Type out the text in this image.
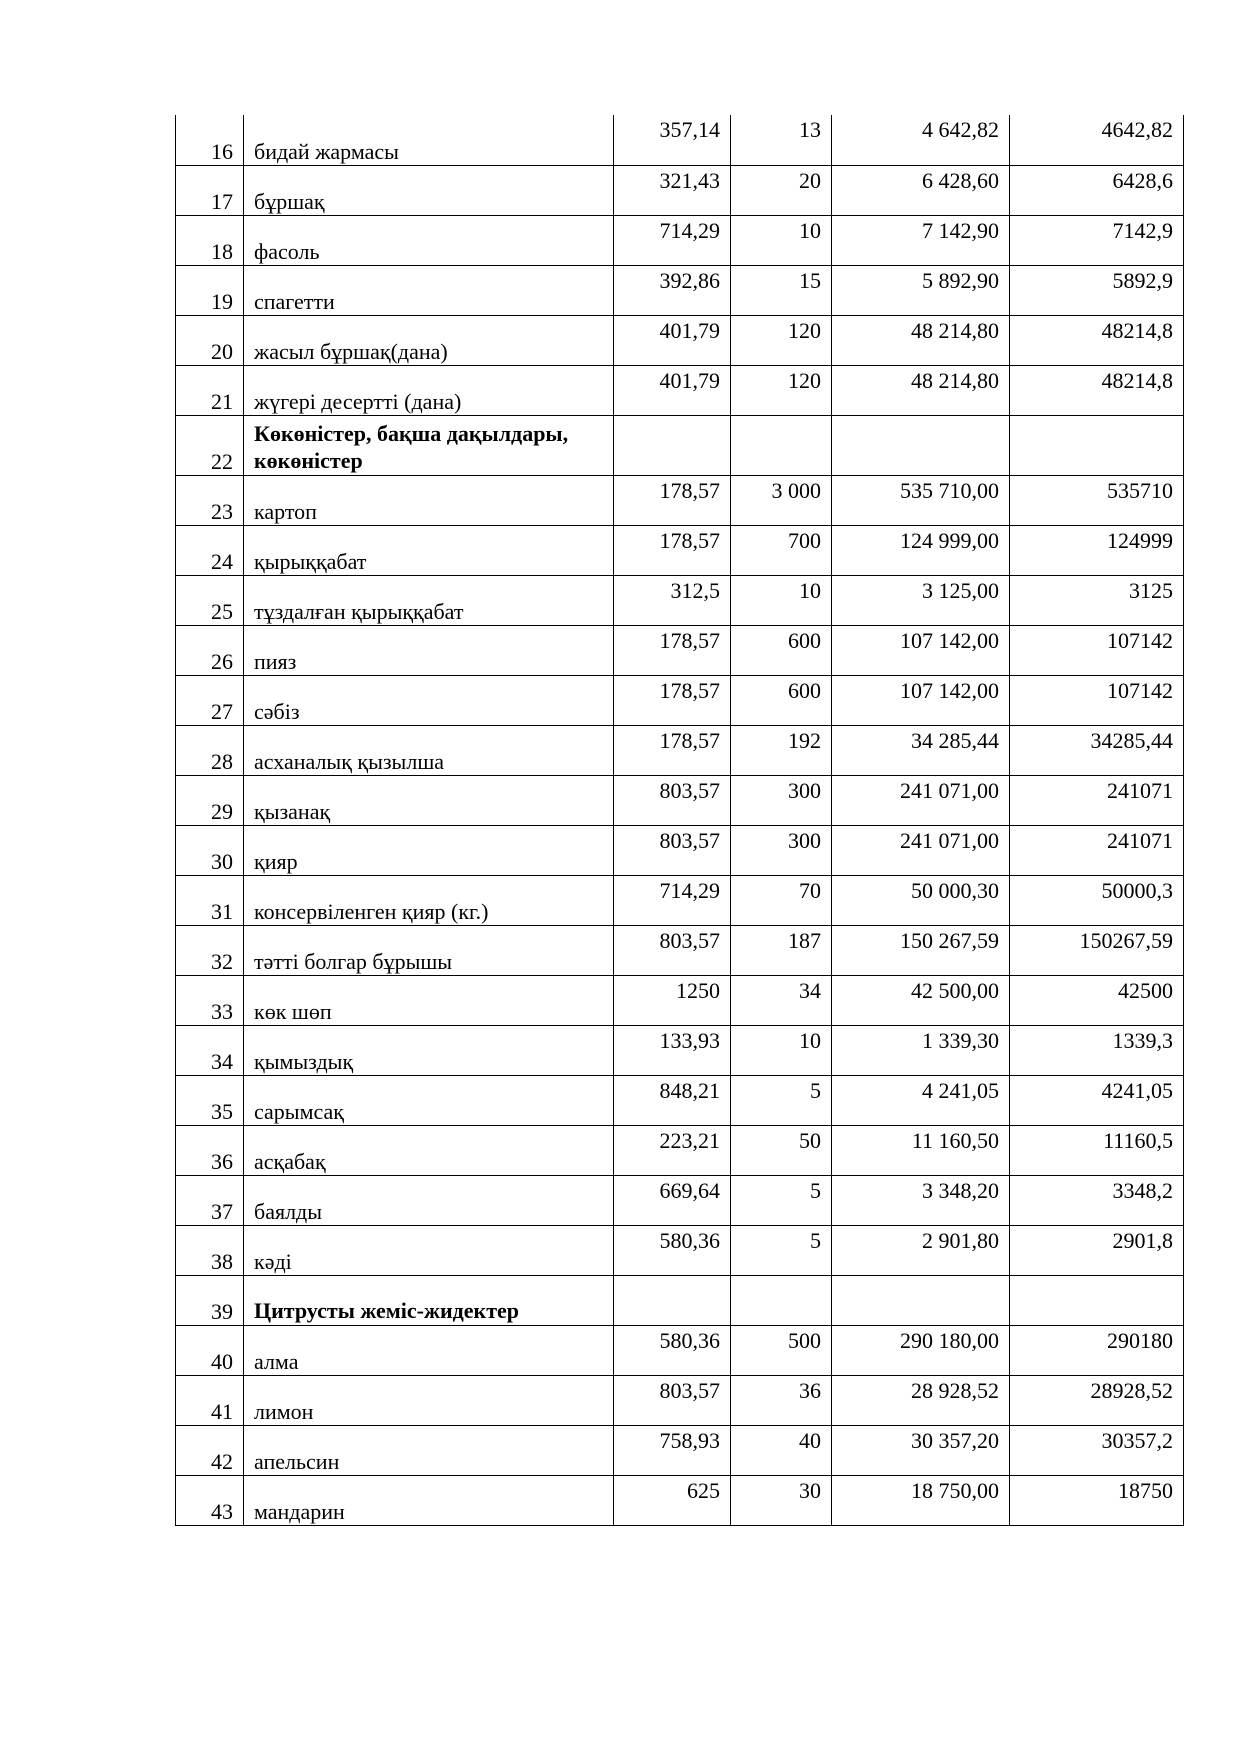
16	бидай жармасы	357,14	13	4 642,82	4642,82
17	бұршақ	321,43	20	6 428,60	6428,6
18	фасоль	714,29	10	7 142,90	7142,9
19	спагетти	392,86	15	5 892,90	5892,9
20	жасыл бұршақ(дана)	401,79	120	48 214,80	48214,8
21	жүгері десертті (дана)	401,79	120	48 214,80	48214,8
22	Көкөністер, бақша дақылдары, көкөністер				
23	картоп	178,57	3 000	535 710,00	535710
24	қырыққабат	178,57	700	124 999,00	124999
25	тұздалған қырыққабат	312,5	10	3 125,00	3125
26	пияз	178,57	600	107 142,00	107142
27	сәбіз	178,57	600	107 142,00	107142
28	асханалық қызылша	178,57	192	34 285,44	34285,44
29	қызанақ	803,57	300	241 071,00	241071
30	қияр	803,57	300	241 071,00	241071
31	консервіленген қияр (кг.)	714,29	70	50 000,30	50000,3
32	тәтті болгар бұрышы	803,57	187	150 267,59	150267,59
33	көк шөп	1250	34	42 500,00	42500
34	қымыздық	133,93	10	1 339,30	1339,3
35	сарымсақ	848,21	5	4 241,05	4241,05
36	асқабақ	223,21	50	11 160,50	11160,5
37	баялды	669,64	5	3 348,20	3348,2
38	кәді	580,36	5	2 901,80	2901,8
39	Цитрусты жеміс-жидектер				
40	алма	580,36	500	290 180,00	290180
41	лимон	803,57	36	28 928,52	28928,52
42	апельсин	758,93	40	30 357,20	30357,2
43	мандарин	625	30	18 750,00	18750
